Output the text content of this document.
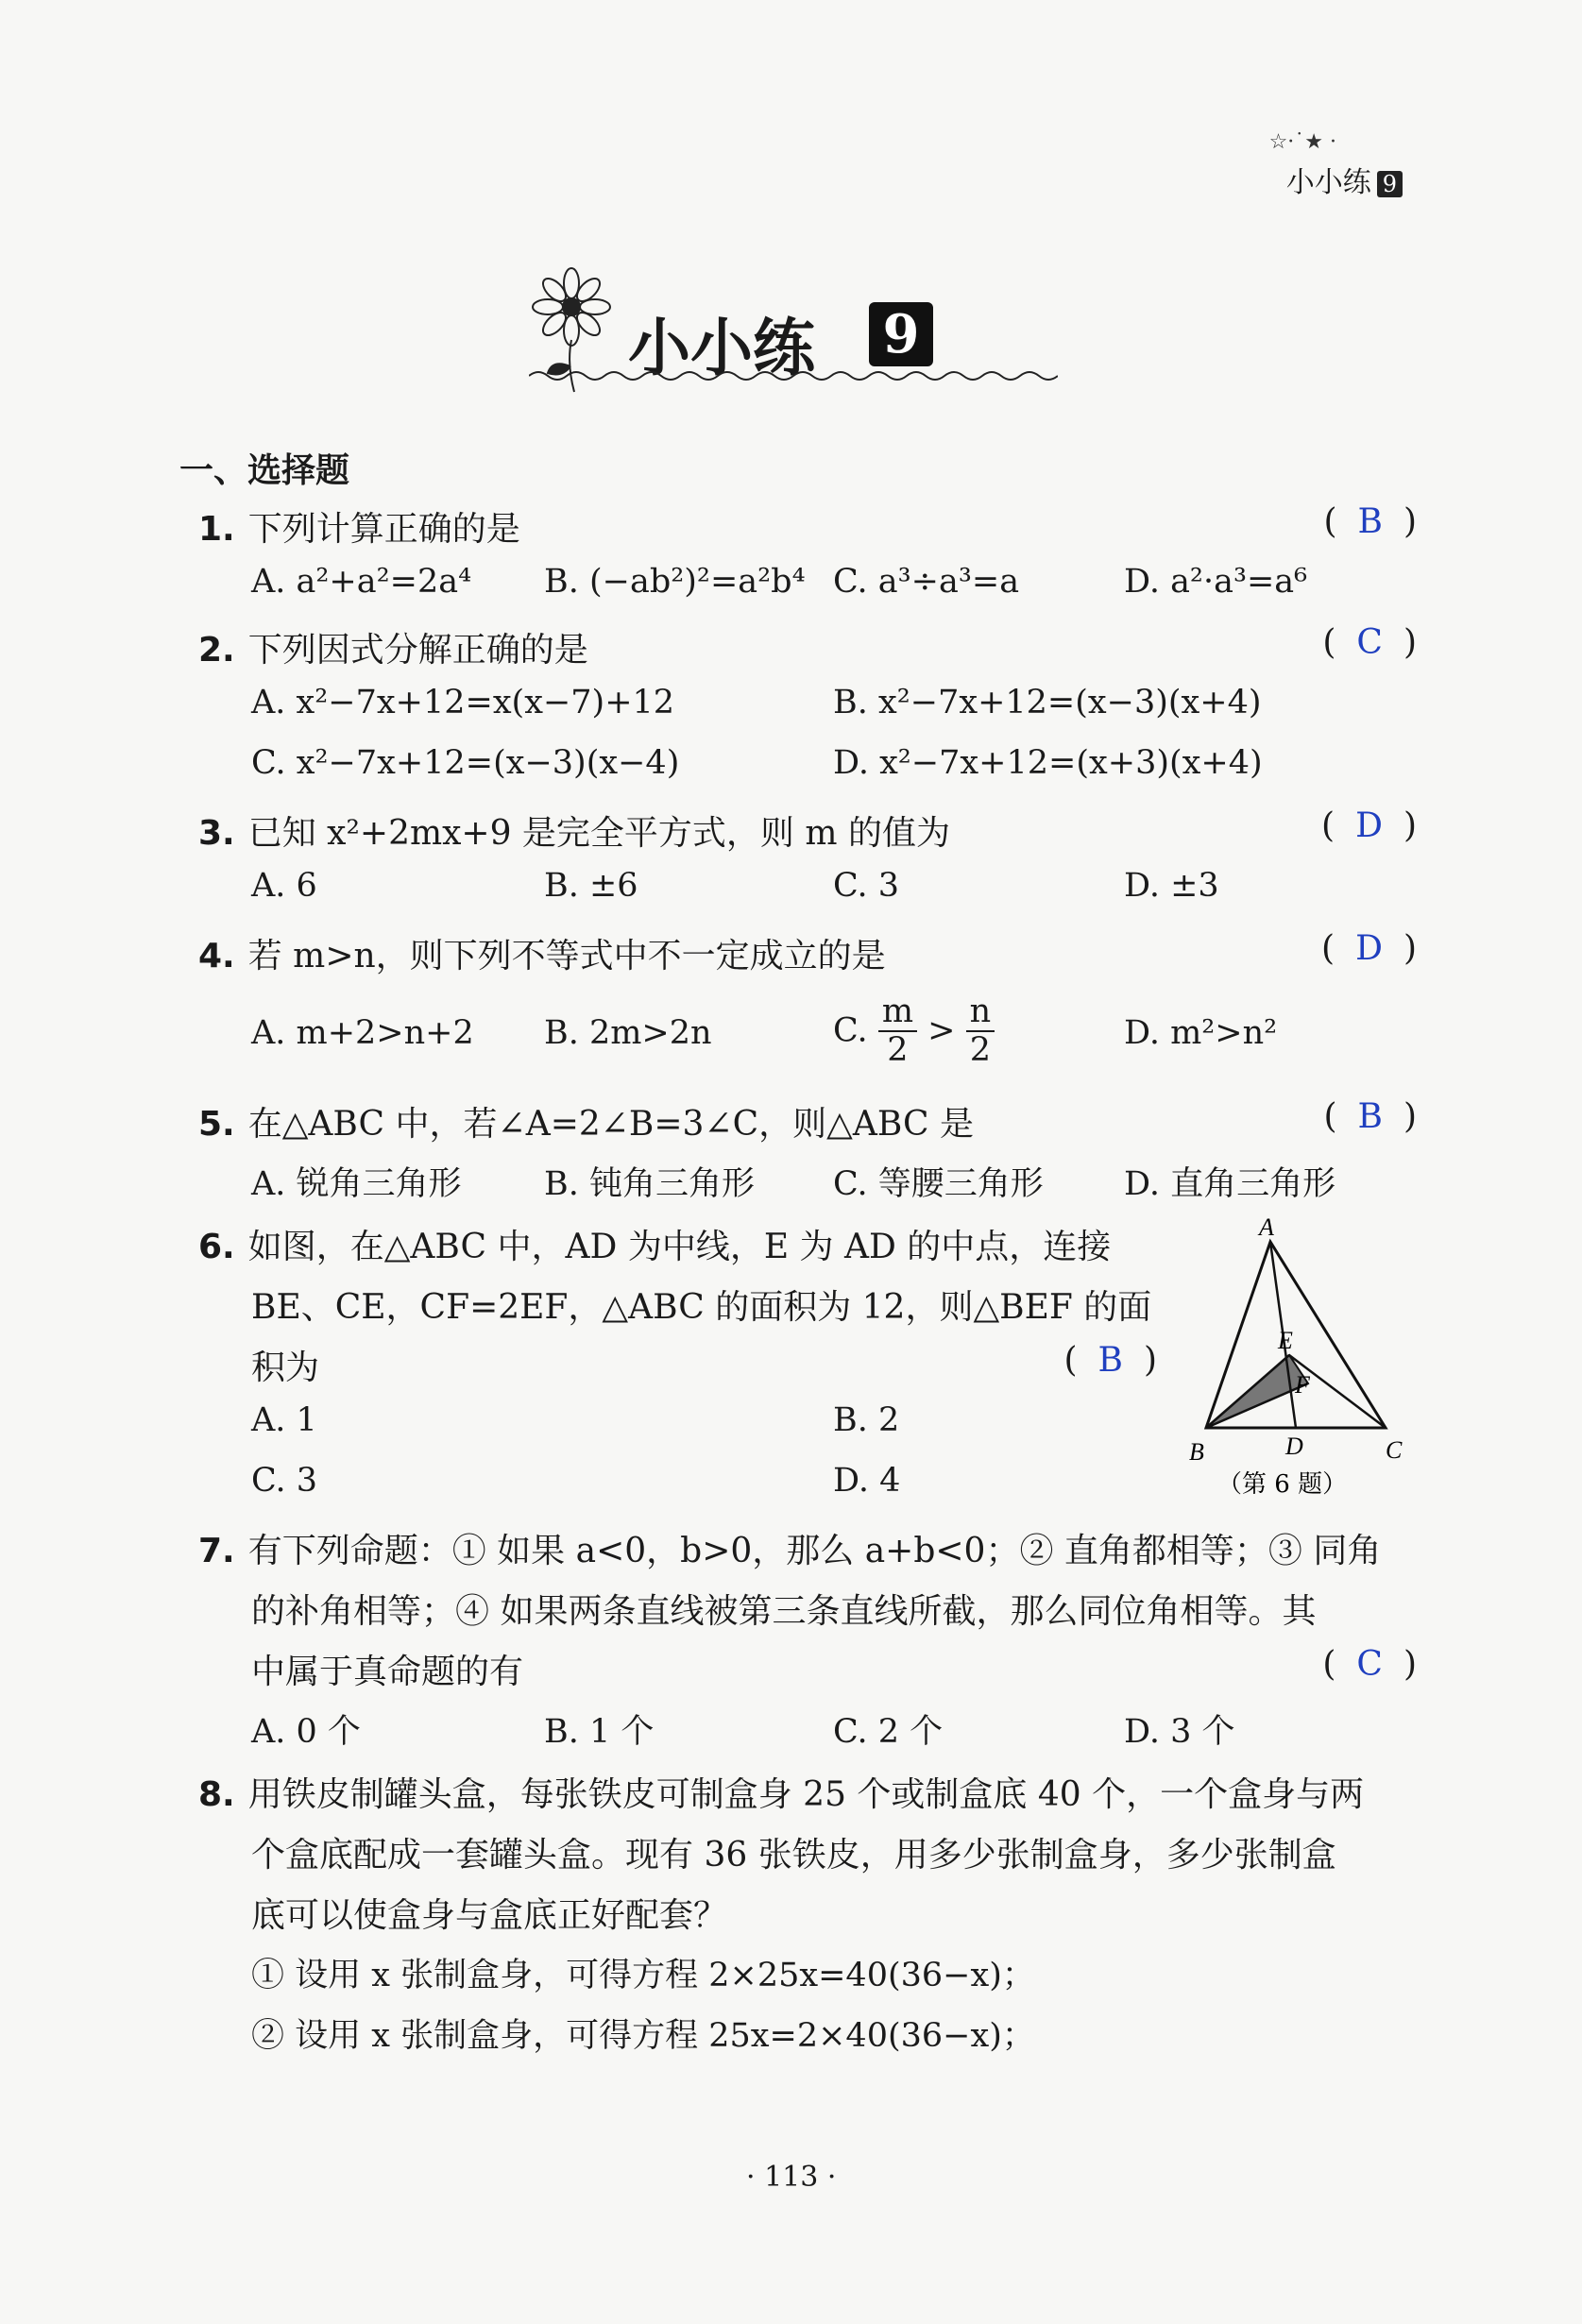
☆·˙★ ·
小小练 9
小小练 9
一、选择题
1. 下列计算正确的是	( B )
A. a²+a²=2a⁴ B. (−ab²)²=a²b⁴ C. a³÷a³=a	D. a²·a³=a⁶
2. 下列因式分解正确的是	( C )
A. x²−7x+12=x(x−7)+12	B. x²−7x+12=(x−3)(x+4)
C. x²−7x+12=(x−3)(x−4)	D. x²−7x+12=(x+3)(x+4)
3. 已知 x²+2mx+9 是完全平方式，则 m 的值为	( D )
A. 6	B. ±6	C. 3	D. ±3
4. 若 m>n，则下列不等式中不一定成立的是	( D )
A. m+2>n+2 B. 2m>2n	C. $\frac{m}{2} > \frac{n}{2}$	D. m²>n²
5. 在△ABC 中，若∠A=2∠B=3∠C，则△ABC 是	( B )
A. 锐角三角形 B. 钝角三角形 C. 等腰三角形 D. 直角三角形
6. 如图，在△ABC 中，AD 为中线，E 为 AD 的中点，连接
BE、CE，CF=2EF，△ABC 的面积为 12，则△BEF 的面
积为	( B )
A. 1	B. 2
C. 3	D. 4
A
E
F
B	D	C
（第 6 题）
7. 有下列命题：① 如果 a<0，b>0，那么 a+b<0；② 直角都相等；③ 同角
的补角相等；④ 如果两条直线被第三条直线所截，那么同位角相等。其
中属于真命题的有	( C )
A. 0 个	B. 1 个	C. 2 个	D. 3 个
8. 用铁皮制罐头盒，每张铁皮可制盒身 25 个或制盒底 40 个，一个盒身与两
个盒底配成一套罐头盒。现有 36 张铁皮，用多少张制盒身，多少张制盒
底可以使盒身与盒底正好配套？
① 设用 x 张制盒身，可得方程 2×25x=40(36−x)；
② 设用 x 张制盒身，可得方程 25x=2×40(36−x)；
· 113 ·
